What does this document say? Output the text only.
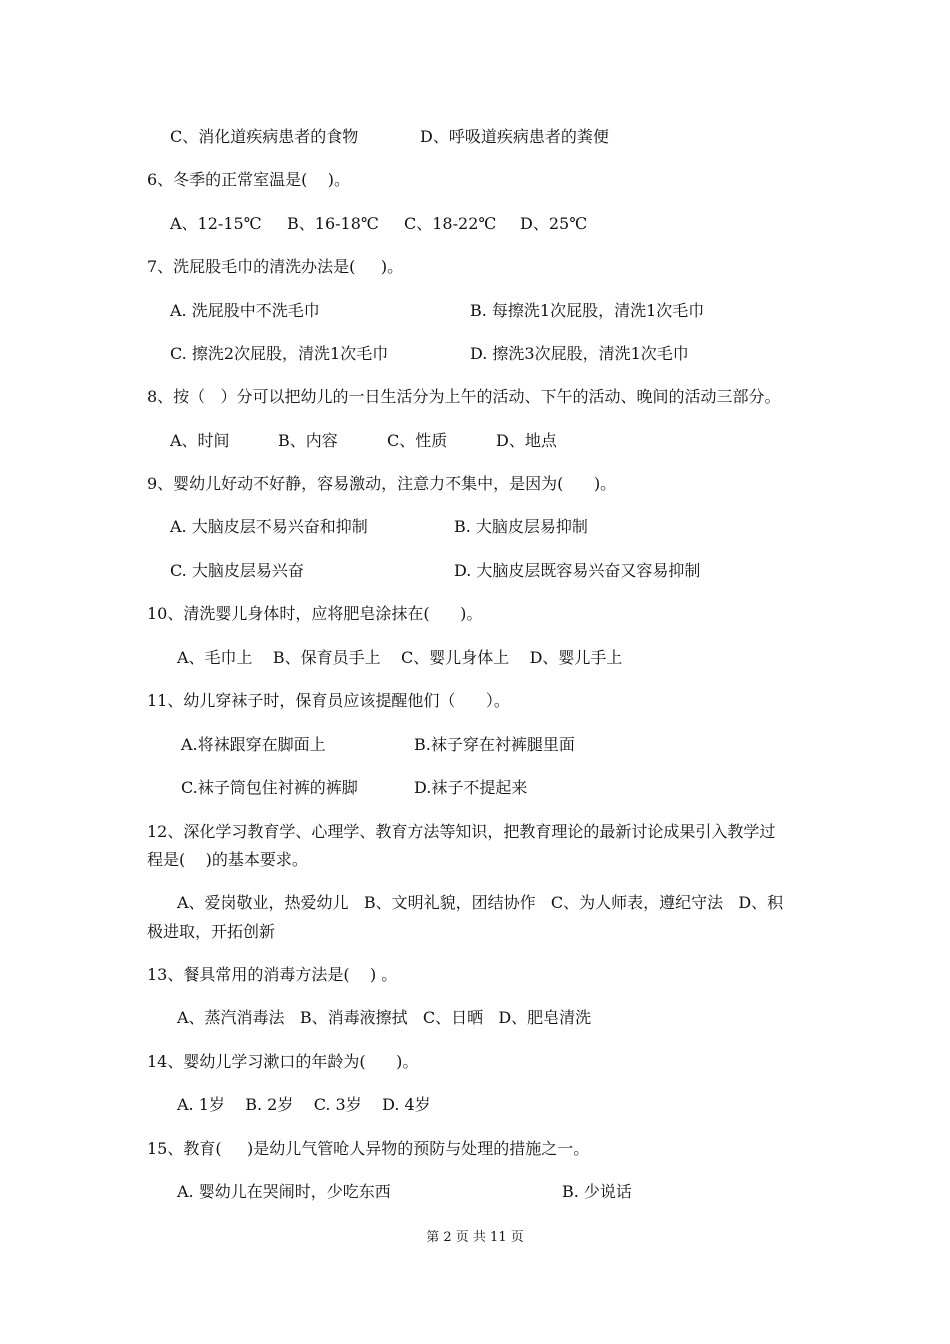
C、消化道疾病患者的食物	D、呼吸道疾病患者的粪便
6、冬季的正常室温是(    )。
A、12-15℃ B、16-18℃ C、18-22℃ D、25℃
7、洗屁股毛巾的清洗办法是(     )。
A. 洗屁股中不洗毛巾	B. 每擦洗1次屁股，清洗1次毛巾
C. 擦洗2次屁股，清洗1次毛巾	D. 擦洗3次屁股，清洗1次毛巾
8、按（   ）分可以把幼儿的一日生活分为上午的活动、下午的活动、晚间的活动三部分。
A、时间	B、内容	C、性质	D、地点
9、婴幼儿好动不好静，容易激动，注意力不集中，是因为(      )。
A. 大脑皮层不易兴奋和抑制	B. 大脑皮层易抑制
C. 大脑皮层易兴奋	D. 大脑皮层既容易兴奋又容易抑制
10、清洗婴儿身体时，应将肥皂涂抹在(      )。
A、毛巾上    B、保育员手上    C、婴儿身体上    D、婴儿手上
11、幼儿穿袜子时，保育员应该提醒他们（      ）。
A.将袜跟穿在脚面上	B.袜子穿在衬裤腿里面
C.袜子筒包住衬裤的裤脚	D.袜子不提起来
12、深化学习教育学、心理学、教育方法等知识，把教育理论的最新讨论成果引入教学过
程是(    )的基本要求。
A、爱岗敬业，热爱幼儿   B、文明礼貌，团结协作   C、为人师表，遵纪守法   D、积
极进取，开拓创新
13、餐具常用的消毒方法是(    ) 。
A、蒸汽消毒法   B、消毒液擦拭   C、日晒   D、肥皂清洗
14、婴幼儿学习漱口的年龄为(      )。
A. 1岁    B. 2岁    C. 3岁    D. 4岁
15、教育(     )是幼儿气管呛人异物的预防与处理的措施之一。
A. 婴幼儿在哭闹时，少吃东西	B. 少说话
第 2 页 共 11 页
